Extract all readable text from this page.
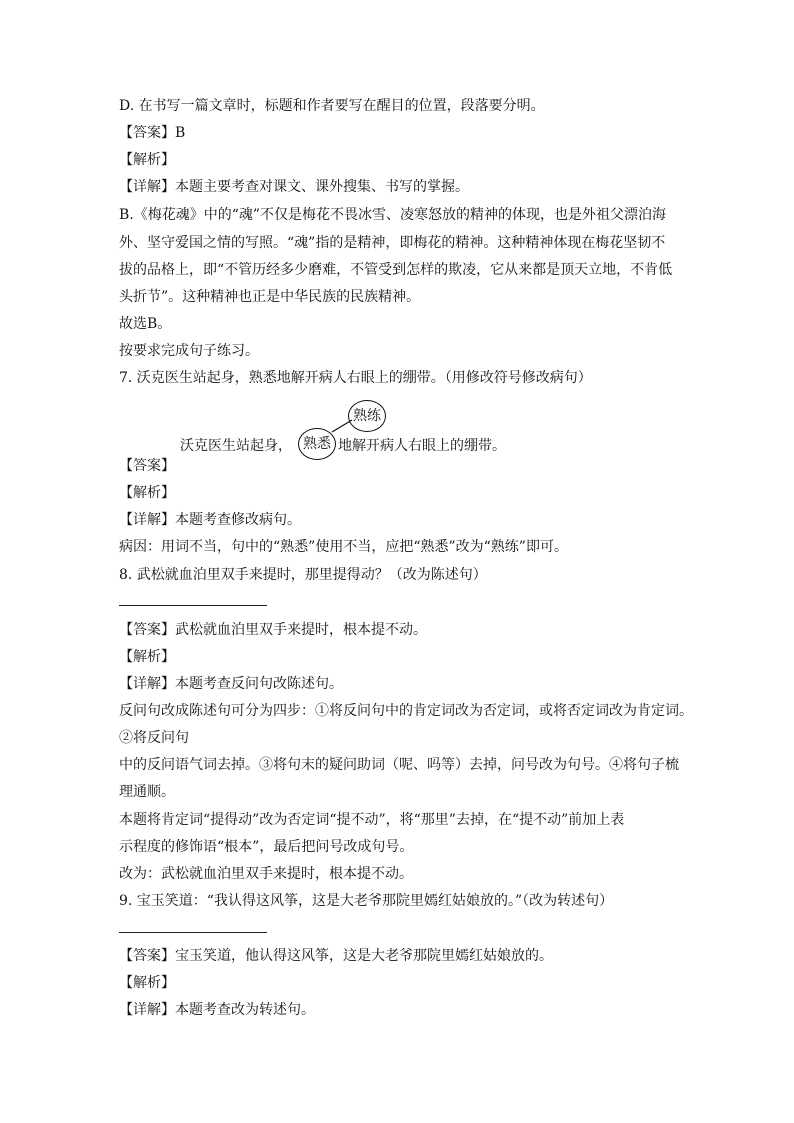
D. 在书写一篇文章时，标题和作者要写在醒目的位置，段落要分明。
【答案】B
【解析】
【详解】本题主要考查对课文、课外搜集、书写的掌握。
B.《梅花魂》中的“魂”不仅是梅花不畏冰雪、凌寒怒放的精神的体现，也是外祖父漂泊海
外、坚守爱国之情的写照。“魂”指的是精神，即梅花的精神。这种精神体现在梅花坚韧不
拔的品格上，即“不管历经多少磨难，不管受到怎样的欺凌，它从来都是顶天立地，不肯低
头折节”。这种精神也正是中华民族的民族精神。
故选B。
按要求完成句子练习。
7. 沃克医生站起身，熟悉地解开病人右眼上的绷带。（用修改符号修改病句）
沃克医生站起身， 熟悉 地解开病人右眼上的绷带。
熟练
【答案】
【解析】
【详解】本题考查修改病句。
病因：用词不当，句中的“熟悉”使用不当，应把“熟悉”改为“熟练”即可。
8. 武松就血泊里双手来提时，那里提得动？（改为陈述句）
【答案】武松就血泊里双手来提时，根本提不动。
【解析】
【详解】本题考查反问句改陈述句。
反问句改成陈述句可分为四步：①将反问句中的肯定词改为否定词，或将否定词改为肯定词。
②将反问句
中的反问语气词去掉。③将句末的疑问助词（呢、吗等）去掉，问号改为句号。④将句子梳
理通顺。
本题将肯定词“提得动”改为否定词“提不动”，将“那里”去掉，在“提不动”前加上表
示程度的修饰语“根本”，最后把问号改成句号。
改为：武松就血泊里双手来提时，根本提不动。
9. 宝玉笑道：“我认得这风筝，这是大老爷那院里嫣红姑娘放的。”（改为转述句）
【答案】宝玉笑道，他认得这风筝，这是大老爷那院里嫣红姑娘放的。
【解析】
【详解】本题考查改为转述句。
